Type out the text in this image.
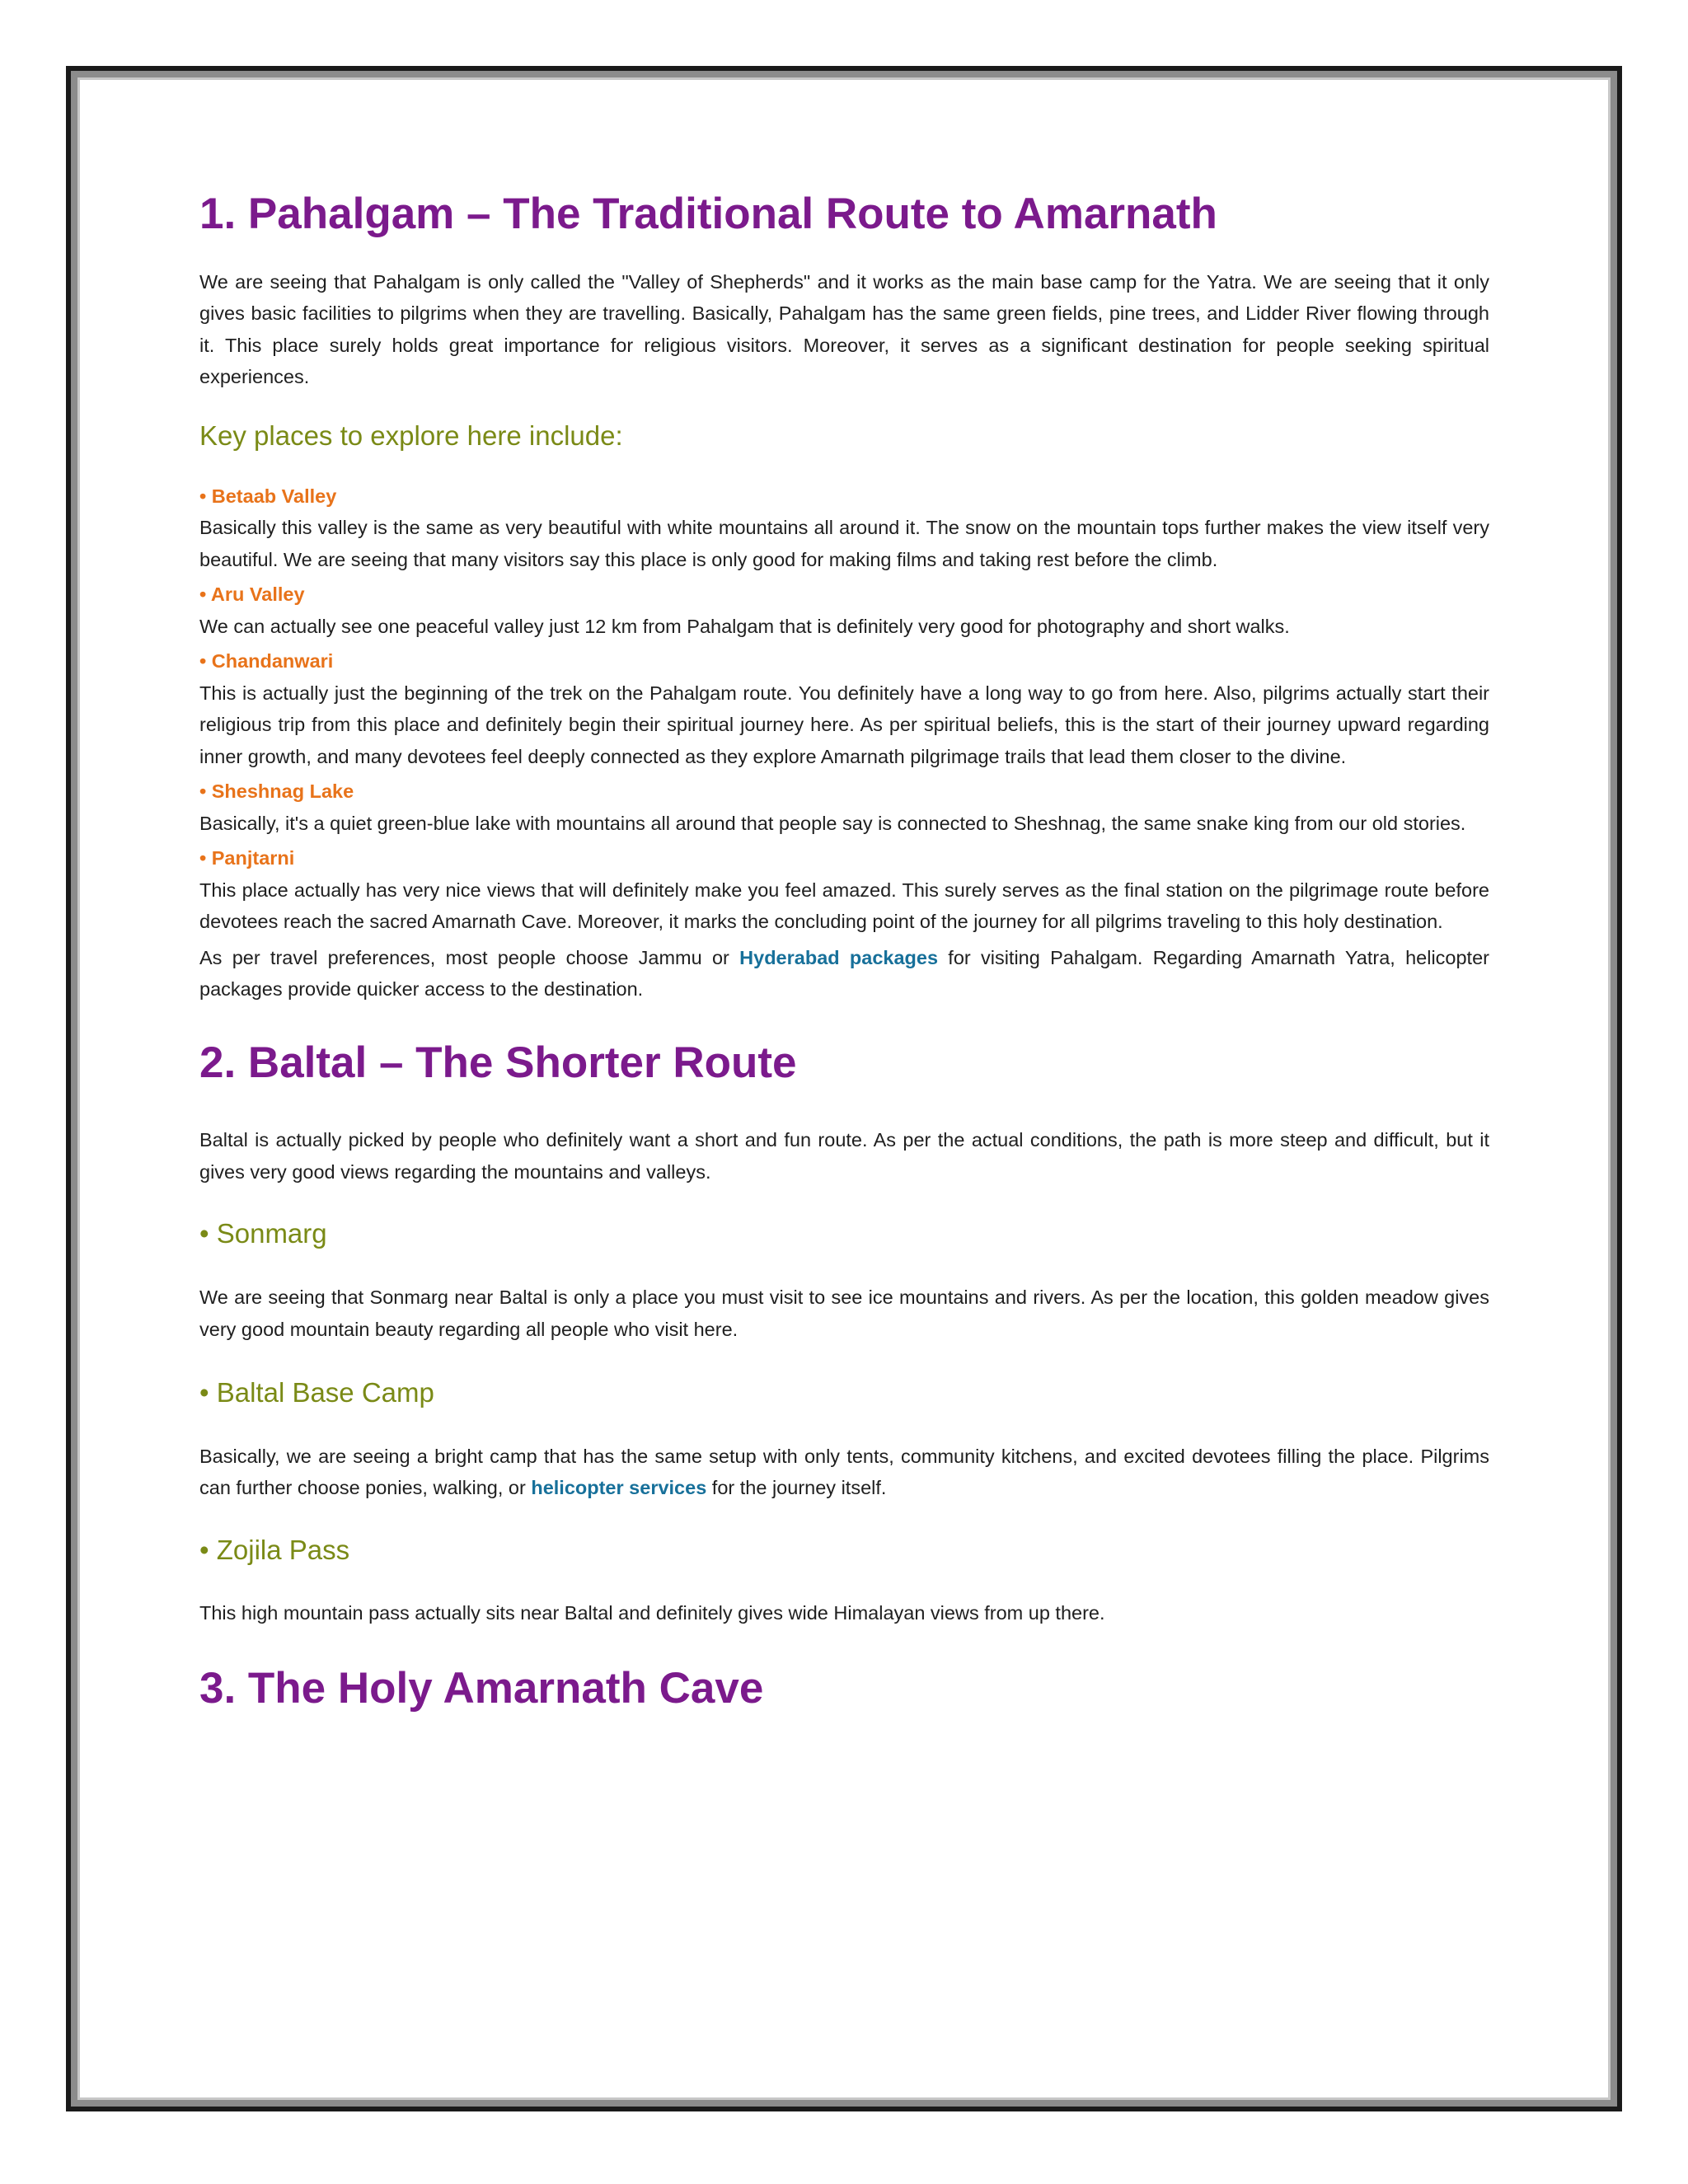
1. Pahalgam – The Traditional Route to Amarnath

We are seeing that Pahalgam is only called the "Valley of Shepherds" and it works as the main base camp for the Yatra. We are seeing that it only gives basic facilities to pilgrims when they are travelling. Basically, Pahalgam has the same green fields, pine trees, and Lidder River flowing through it. This place surely holds great importance for religious visitors. Moreover, it serves as a significant destination for people seeking spiritual experiences.

Key places to explore here include:

• Betaab Valley

Basically this valley is the same as very beautiful with white mountains all around it. The snow on the mountain tops further makes the view itself very beautiful. We are seeing that many visitors say this place is only good for making films and taking rest before the climb.

• Aru Valley

We can actually see one peaceful valley just 12 km from Pahalgam that is definitely very good for photography and short walks.

• Chandanwari

This is actually just the beginning of the trek on the Pahalgam route. You definitely have a long way to go from here. Also, pilgrims actually start their religious trip from this place and definitely begin their spiritual journey here. As per spiritual beliefs, this is the start of their journey upward regarding inner growth, and many devotees feel deeply connected as they explore Amarnath pilgrimage trails that lead them closer to the divine.

• Sheshnag Lake

Basically, it's a quiet green-blue lake with mountains all around that people say is connected to Sheshnag, the same snake king from our old stories.

• Panjtarni

This place actually has very nice views that will definitely make you feel amazed. This surely serves as the final station on the pilgrimage route before devotees reach the sacred Amarnath Cave. Moreover, it marks the concluding point of the journey for all pilgrims traveling to this holy destination.

As per travel preferences, most people choose Jammu or Hyderabad packages for visiting Pahalgam. Regarding Amarnath Yatra, helicopter packages provide quicker access to the destination.

2. Baltal – The Shorter Route

Baltal is actually picked by people who definitely want a short and fun route. As per the actual conditions, the path is more steep and difficult, but it gives very good views regarding the mountains and valleys.

• Sonmarg

We are seeing that Sonmarg near Baltal is only a place you must visit to see ice mountains and rivers. As per the location, this golden meadow gives very good mountain beauty regarding all people who visit here.

• Baltal Base Camp

Basically, we are seeing a bright camp that has the same setup with only tents, community kitchens, and excited devotees filling the place. Pilgrims can further choose ponies, walking, or helicopter services for the journey itself.

• Zojila Pass

This high mountain pass actually sits near Baltal and definitely gives wide Himalayan views from up there.

3. The Holy Amarnath Cave
